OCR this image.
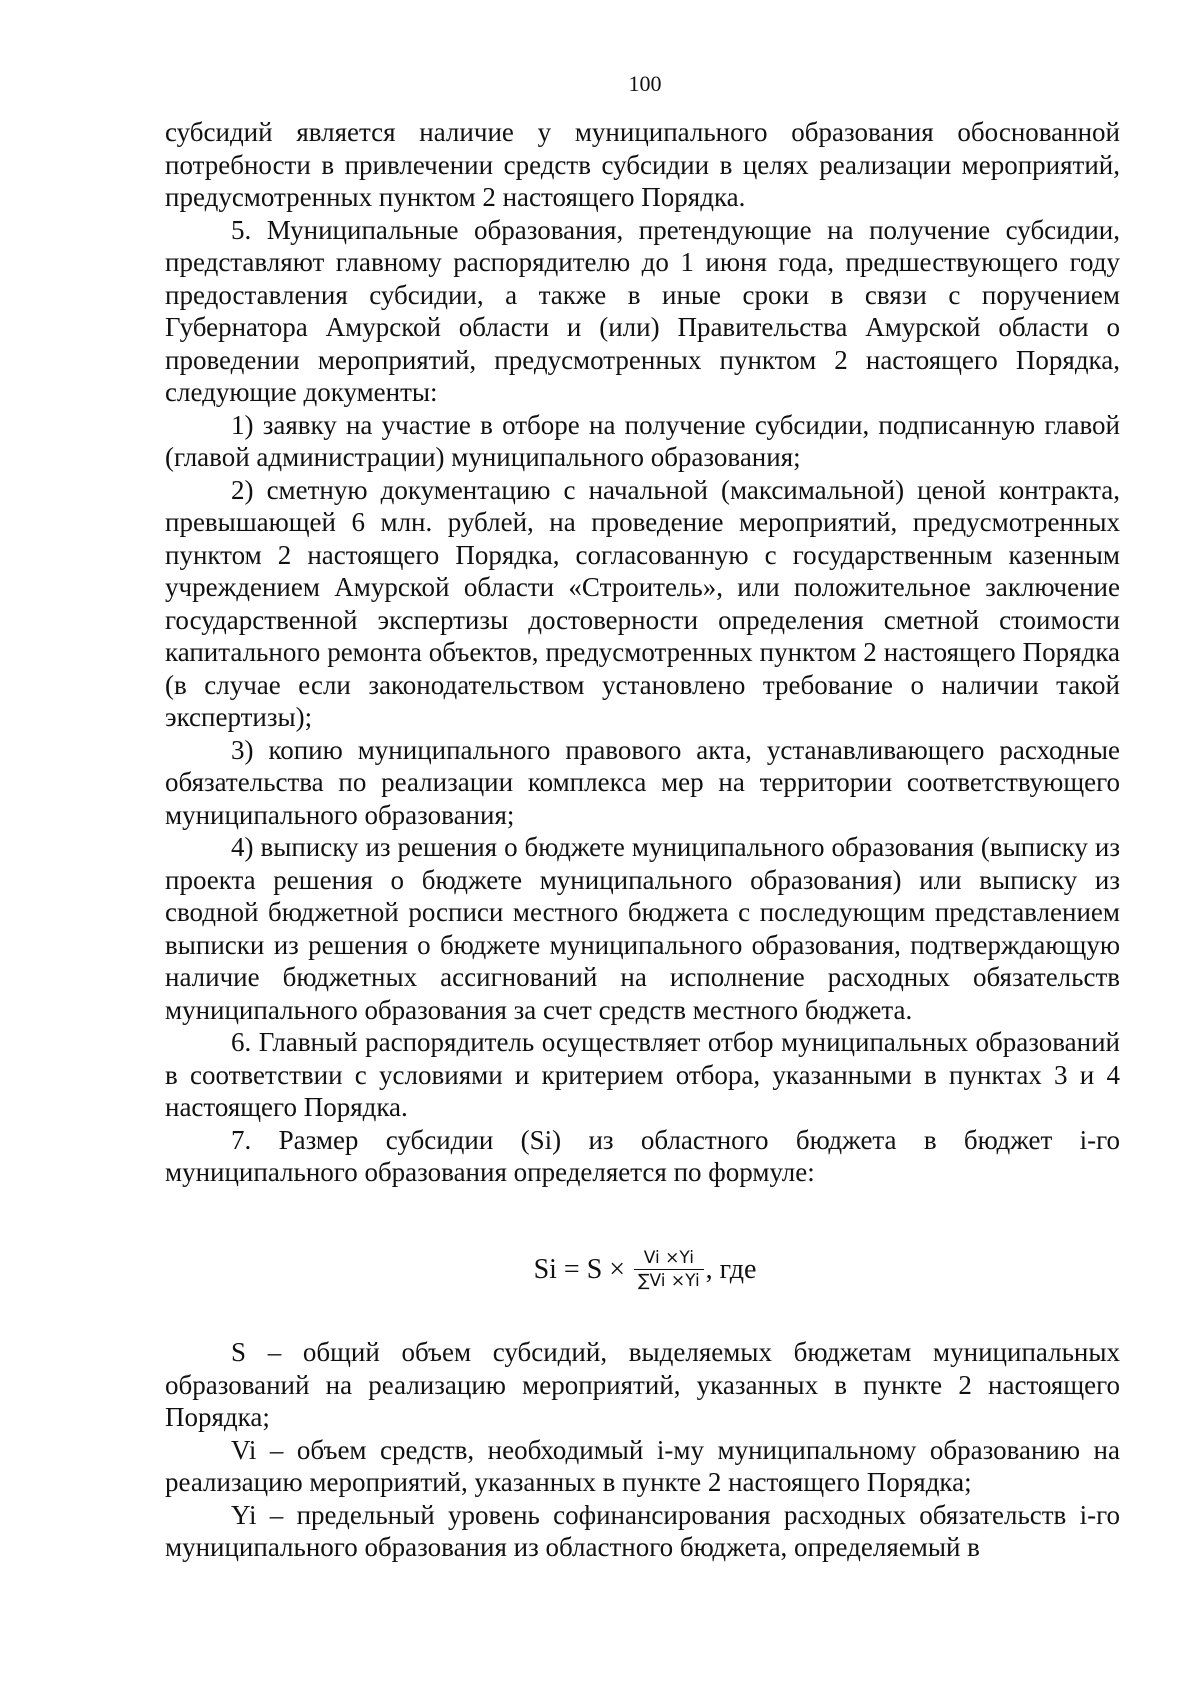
100

субсидий является наличие у муниципального образования обоснованной потребности в привлечении средств субсидии в целях реализации мероприятий, предусмотренных пунктом 2 настоящего Порядка.

5. Муниципальные образования, претендующие на получение субсидии, представляют главному распорядителю до 1 июня года, предшествующего году предоставления субсидии, а также в иные сроки в связи с поручением Губернатора Амурской области и (или) Правительства Амурской области о проведении мероприятий, предусмотренных пунктом 2 настоящего Порядка, следующие документы:

1) заявку на участие в отборе на получение субсидии, подписанную главой (главой администрации) муниципального образования;

2) сметную документацию с начальной (максимальной) ценой контракта, превышающей 6 млн. рублей, на проведение мероприятий, предусмотренных пунктом 2 настоящего Порядка, согласованную с государственным казенным учреждением Амурской области «Строитель», или положительное заключение государственной экспертизы достоверности определения сметной стоимости капитального ремонта объектов, предусмотренных пунктом 2 настоящего Порядка (в случае если законодательством установлено требование о наличии такой экспертизы);

3) копию муниципального правового акта, устанавливающего расходные обязательства по реализации комплекса мер на территории соответствующего муниципального образования;

4) выписку из решения о бюджете муниципального образования (выписку из проекта решения о бюджете муниципального образования) или выписку из сводной бюджетной росписи местного бюджета с последующим представлением выписки из решения о бюджете муниципального образования, подтверждающую наличие бюджетных ассигнований на исполнение расходных обязательств муниципального образования за счет средств местного бюджета.

6. Главный распорядитель осуществляет отбор муниципальных образований в соответствии с условиями и критерием отбора, указанными в пунктах 3 и 4 настоящего Порядка.

7. Размер субсидии (Si) из областного бюджета в бюджет i-го муниципального образования определяется по формуле:

$Si = S \times \frac{Vi \times Yi}{\sum Vi \times Yi}$ , где

S – общий объем субсидий, выделяемых бюджетам муниципальных образований на реализацию мероприятий, указанных в пункте 2 настоящего Порядка;

Vi – объем средств, необходимый i-му муниципальному образованию на реализацию мероприятий, указанных в пункте 2 настоящего Порядка;

Yi – предельный уровень софинансирования расходных обязательств i-го муниципального образования из областного бюджета, определяемый в
